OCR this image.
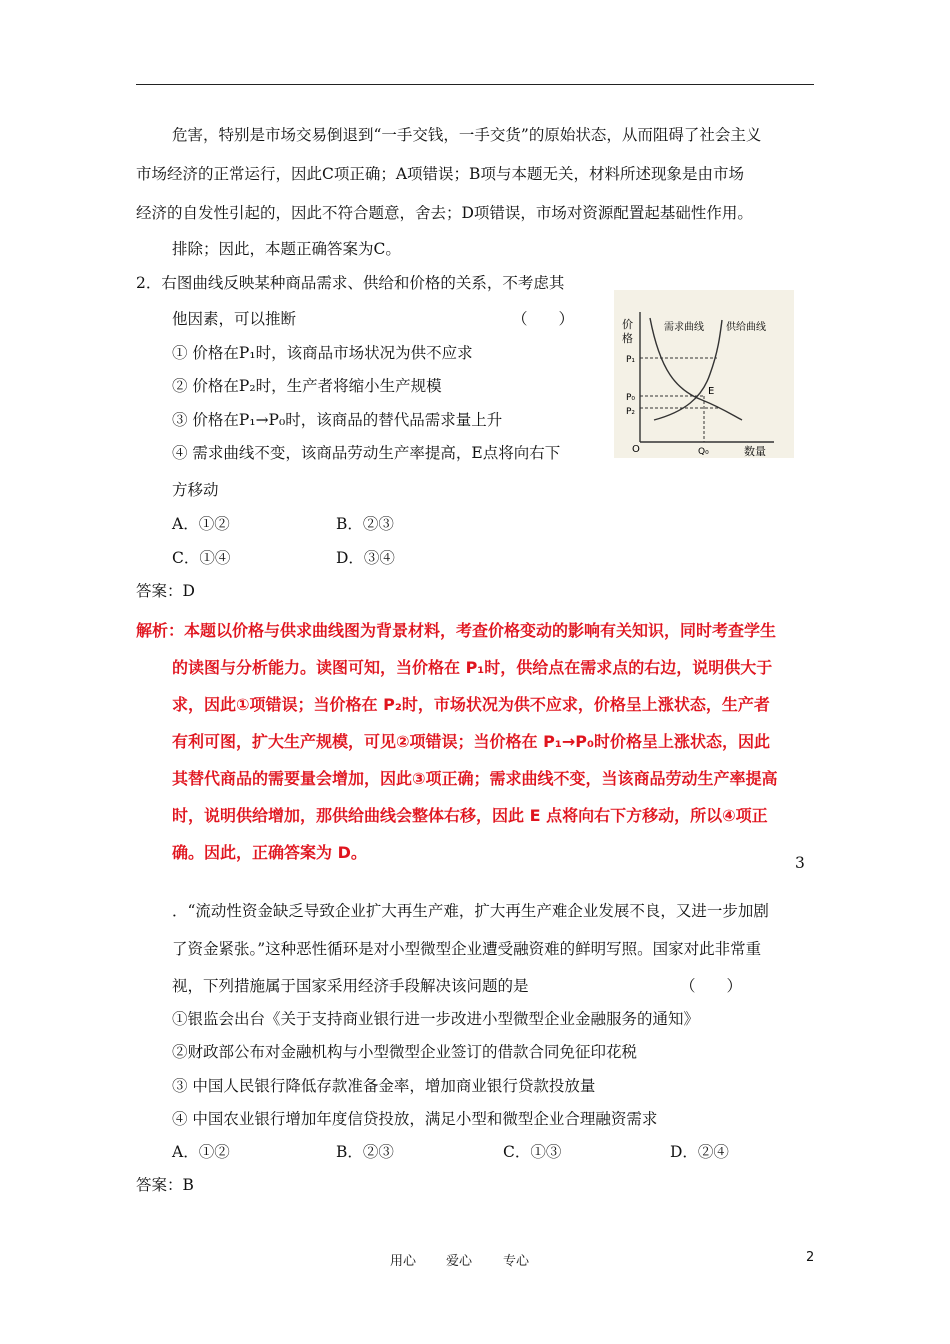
危害，特别是市场交易倒退到“一手交钱，一手交货”的原始状态，从而阻碍了社会主义
市场经济的正常运行，因此C项正确；A项错误；B项与本题无关，材料所述现象是由市场
经济的自发性引起的，因此不符合题意，舍去；D项错误，市场对资源配置起基础性作用。
排除；因此，本题正确答案为C。
2．右图曲线反映某种商品需求、供给和价格的关系，不考虑其
他因素，可以推断	（　　）
① 价格在P₁时，该商品市场状况为供不应求
② 价格在P₂时，生产者将缩小生产规模
③ 价格在P₁→P₀时，该商品的替代品需求量上升
④ 需求曲线不变，该商品劳动生产率提高，E点将向右下
方移动
A．①②	B．②③
C．①④	D．③④
答案：D
价
格
数量
O
需求曲线 供给曲线
P₁
P₀
P₂
E
Q₀
解析：本题以价格与供求曲线图为背景材料，考查价格变动的影响有关知识，同时考查学生
的读图与分析能力。读图可知，当价格在 P₁时，供给点在需求点的右边，说明供大于
求，因此①项错误；当价格在 P₂时，市场状况为供不应求，价格呈上涨状态，生产者
有利可图，扩大生产规模，可见②项错误；当价格在 P₁→P₀时价格呈上涨状态，因此
其替代商品的需要量会增加，因此③项正确；需求曲线不变，当该商品劳动生产率提高
时，说明供给增加，那供给曲线会整体右移，因此 E 点将向右下方移动，所以④项正
确。因此，正确答案为 D。
3
．“流动性资金缺乏导致企业扩大再生产难，扩大再生产难企业发展不良，又进一步加剧
了资金紧张。”这种恶性循环是对小型微型企业遭受融资难的鲜明写照。国家对此非常重
视，下列措施属于国家采用经济手段解决该问题的是	（　　）
①银监会出台《关于支持商业银行进一步改进小型微型企业金融服务的通知》
②财政部公布对金融机构与小型微型企业签订的借款合同免征印花税
③ 中国人民银行降低存款准备金率，增加商业银行贷款投放量
④ 中国农业银行增加年度信贷投放，满足小型和微型企业合理融资需求
A．①②	B．②③	C．①③	D．②④
答案：B
用心 爱心 专心	2
